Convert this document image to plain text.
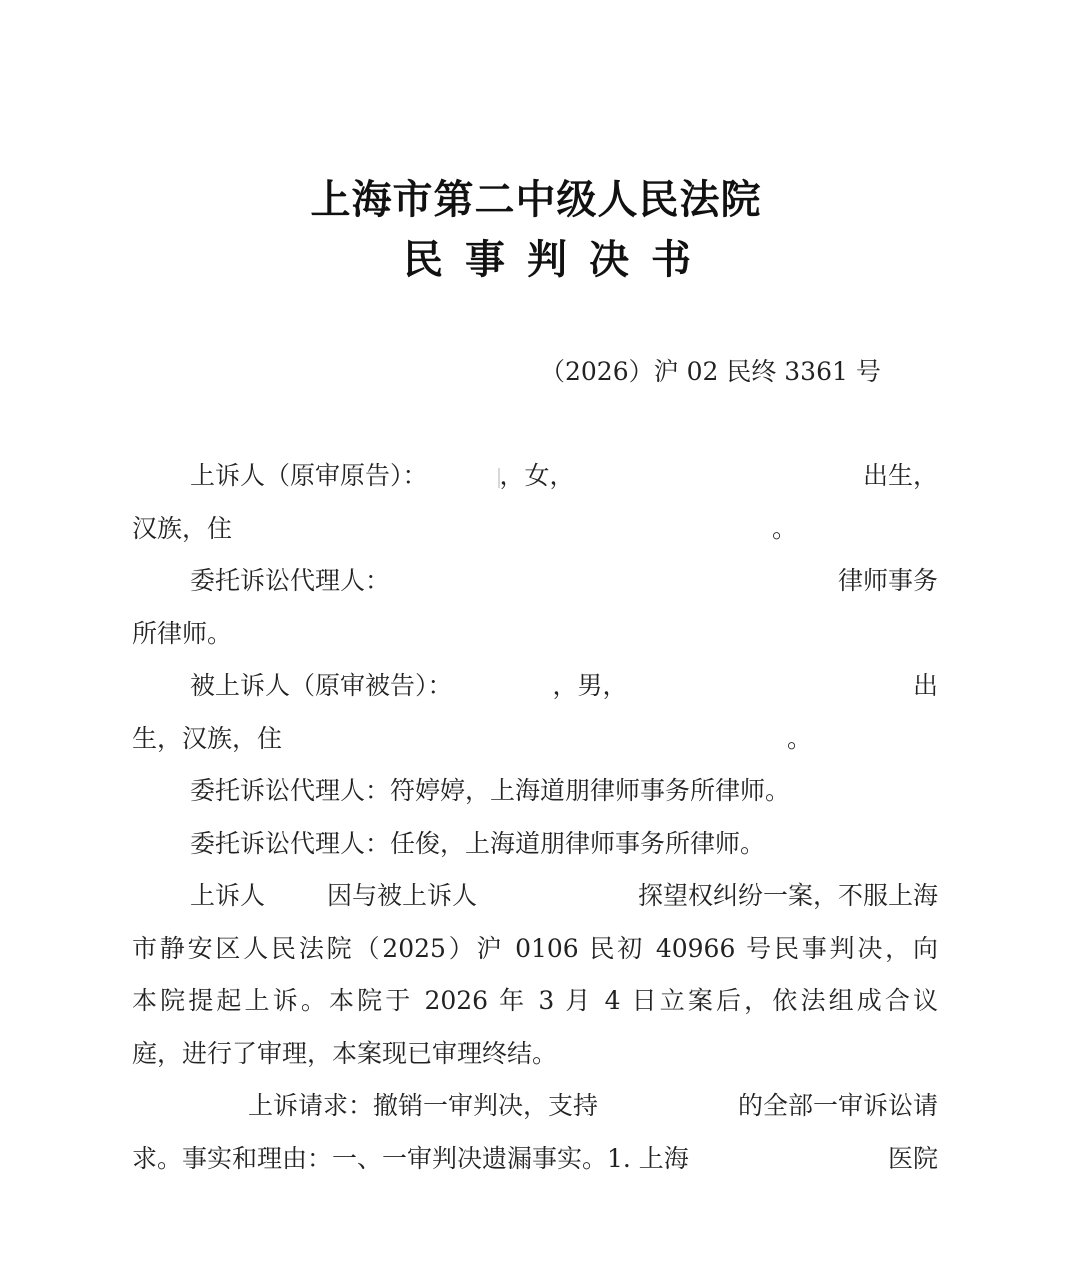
上海市第二中级人民法院
民事判决书
（2026）沪 02 民终 3361 号
上诉人（原审原告）：	，女，	出生，
汉族，住	。
委托诉讼代理人：	律师事务
所律师。
被上诉人（原审被告）：	，男，	出
生，汉族，住	。
委托诉讼代理人：符婷婷，上海道朋律师事务所律师。
委托诉讼代理人：任俊，上海道朋律师事务所律师。
上诉人 因与被上诉人	探望权纠纷一案，不服上海
市静安区人民法院（2025）沪 0106 民初 40966 号民事判决，向
本院提起上诉。本院于 2026 年 3 月 4 日立案后，依法组成合议
庭，进行了审理，本案现已审理终结。
上诉请求：撤销一审判决，支持	的全部一审诉讼请
求。事实和理由：一、一审判决遗漏事实。1. 上海	医院
